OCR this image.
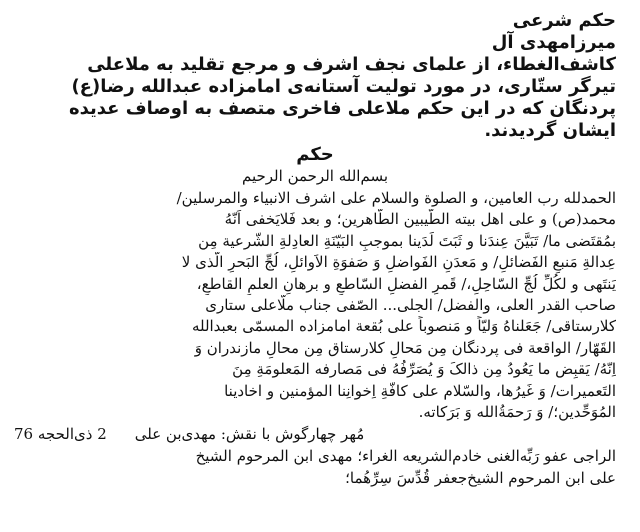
حکم شرعی

میرزامهدی آل

کاشف‌الغطاء، از علمای نجف اشرف و مرجع تقلید به ملاعلی

تیرگر ستّاری، در مورد تولیت آستانه‌ی امامزاده عبدالله رضا(ع)

پردنگان که در این حکم ملاعلی فاخری متصف به اوصاف عدیده

ایشان گردیدند.

حکم

بسم‌الله الرحمن الرحیم

الحمدلله رب العامین، و الصلوة والسلام علی اشرف الانبیاء والمرسلین/

محمد(ص) و علی اهل بیته الطّیبین الطّاهرین؛ و بعد فَلایَخفی اَنّهُ

بمُقتَضی ما/ تَبَیَّنَ عِندَنا و ثَبَتَ لَدَینا بموجبِ البَیّنَةِ العادِلةِ الشّرعیة مِن

عِدالةِ مَنبعِ الفَضائلِ/ و مَعدَنِ الفَواضلِ وَ صَفوَةِ الاَوائلِ، لُجِّ البَحرِ الّذی لا

یَنتَهی و لکُلِّ لُجِّ السّاحِلِ،/ قَمرِ الفضلِ السّاطعِ و برهانِ العلمِ القاطعِ،

صاحب القدر العلی، والفضل/ الجلی... الصّفی جناب ملّاعلی ستاری

کلارستاقی/ جَعَلناهُ وَلیّاً و مَنصوباً علی بُقعة امامزاده المسمّی بعبدالله

القَهّار/ الواقعة فی پردنگان مِن مَحالِ کلارستاق مِن محالِ مازندران وَ

اِنّهُ/ یَقبِض ما یَعُودُ مِن ذالکَ وَ یُصَرِّفُهُ فی مَصارفه المَعلومَةِ مِنَ

التَعمیرات/ وَ غَیرُها، والسّلام علی کافّةِ اِخوانِنا المؤمنین و اخادینا

المُوَحِّدین؛/ وَ رَحمَةُالله وَ بَرَکاته.

2 ذی‌الحجه 76 مُهر چهارگوش با نقش: مهدی‌بن علی

الراجی عفو رَبِّه‌الغنی خادم‌الشریعه الغراء؛ مهدی ابن المرحوم الشیخ

علی ابن المرحوم الشیخ‌جعفر قُدِّسَ سِرِّهُما؛
